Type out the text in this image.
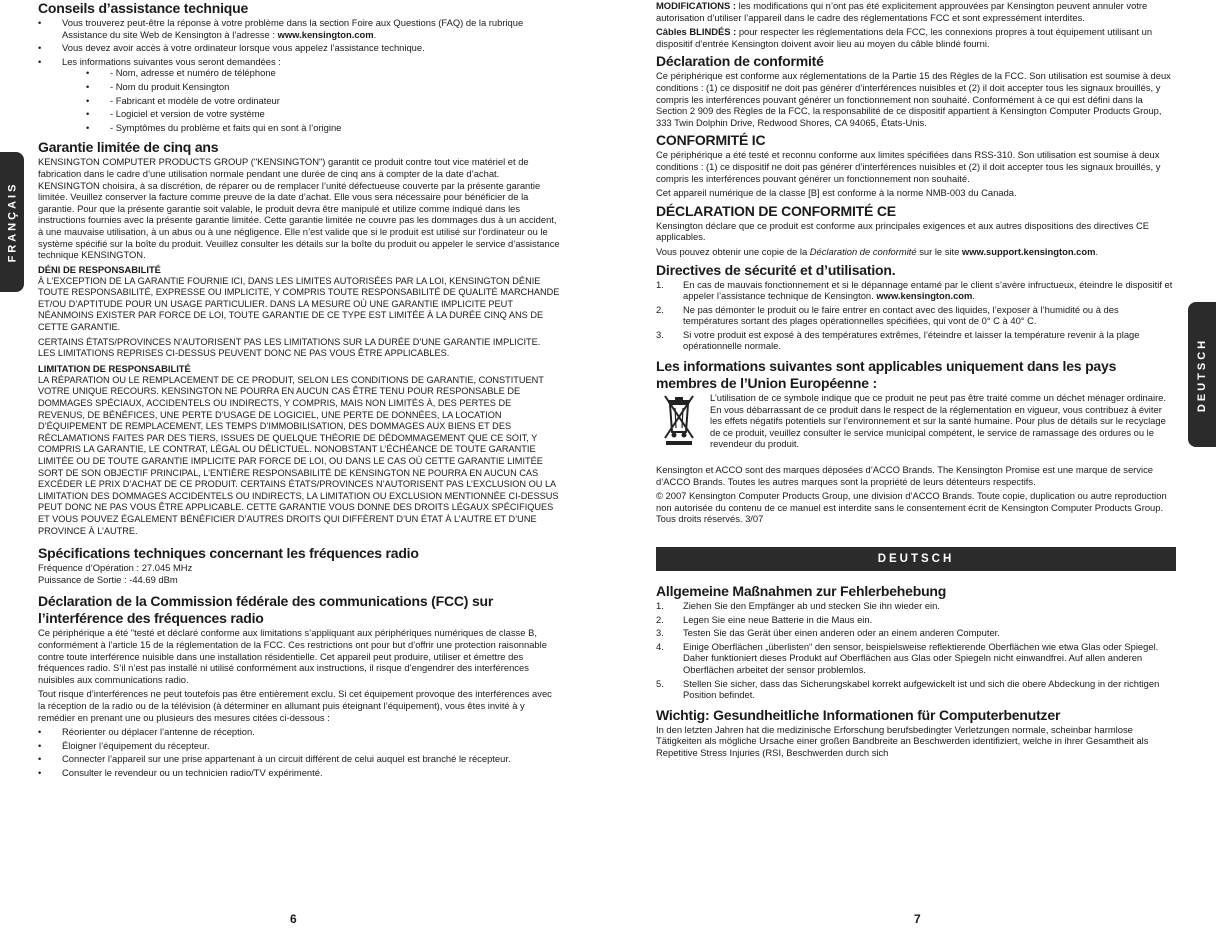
FRANÇAIS
DEUTSCH
Conseils d’assistance technique
• Vous trouverez peut-être la réponse à votre problème dans la section Foire aux Questions (FAQ) de la rubrique Assistance du site Web de Kensington à l’adresse : www.kensington.com.
• Vous devez avoir accès à votre ordinateur lorsque vous appelez l’assistance technique.
• Les informations suivantes vous seront demandées :
• - Nom, adresse et numéro de téléphone
• - Nom du produit Kensington
• - Fabricant et modèle de votre ordinateur
• - Logiciel et version de votre système
• - Symptômes du problème et faits qui en sont à l’origine
Garantie limitée de cinq ans

KENSINGTON COMPUTER PRODUCTS GROUP ("KENSINGTON") garantit ce produit contre tout vice matériel et de fabrication dans le cadre d’une utilisation normale pendant une durée de cinq ans à compter de la date d’achat. KENSINGTON choisira, à sa discrétion, de réparer ou de remplacer l’unité défectueuse couverte par la présente garantie limitée. Veuillez conserver la facture comme preuve de la date d’achat. Elle vous sera nécessaire pour bénéficier de la garantie. Pour que la présente garantie soit valable, le produit devra être manipulé et utilize comme indiqué dans les instructions fournies avec la présente garantie limitée. Cette garantie limitée ne couvre pas les dommages dus à un accident, à une mauvaise utilisation, à un abus ou à une négligence. Elle n’est valide que si le produit est utilisé sur l’ordinateur ou le système spécifié sur la boîte du produit. Veuillez consulter les détails sur la boîte du produit ou appeler le service d’assistance technique KENSINGTON.

DÉNI DE RESPONSABILITÉ

À L’EXCEPTION DE LA GARANTIE FOURNIE ICI, DANS LES LIMITES AUTORISÉES PAR LA LOI, KENSINGTON DÉNIE TOUTE RESPONSABILITÉ, EXPRESSE OU IMPLICITE, Y COMPRIS TOUTE RESPONSABILITÉ DE QUALITÉ MARCHANDE ET/OU D’APTITUDE POUR UN USAGE PARTICULIER. DANS LA MESURE OÙ UNE GARANTIE IMPLICITE PEUT NÉANMOINS EXISTER PAR FORCE DE LOI, TOUTE GARANTIE DE CE TYPE EST LIMITÉE À LA DURÉE CINQ ANS DE CETTE GARANTIE.

CERTAINS ÉTATS/PROVINCES N’AUTORISENT PAS LES LIMITATIONS SUR LA DURÉE D’UNE GARANTIE IMPLICITE. LES LIMITATIONS REPRISES CI-DESSUS PEUVENT DONC NE PAS VOUS ÊTRE APPLICABLES.

LIMITATION DE RESPONSABILITÉ

LA RÉPARATION OU LE REMPLACEMENT DE CE PRODUIT, SELON LES CONDITIONS DE GARANTIE, CONSTITUENT VOTRE UNIQUE RECOURS. KENSINGTON NE POURRA EN AUCUN CAS ÊTRE TENU POUR RESPONSABLE DE DOMMAGES SPÉCIAUX, ACCIDENTELS OU INDIRECTS, Y COMPRIS, MAIS NON LIMITÉS À, DES PERTES DE REVENUS, DE BÉNÉFICES, UNE PERTE D’USAGE DE LOGICIEL, UNE PERTE DE DONNÉES, LA LOCATION D’ÉQUIPEMENT DE REMPLACEMENT, LES TEMPS D’IMMOBILISATION, DES DOMMAGES AUX BIENS ET DES RÉCLAMATIONS FAITES PAR DES TIERS, ISSUES DE QUELQUE THÉORIE DE DÉDOMMAGEMENT QUE CE SOIT, Y COMPRIS LA GARANTIE, LE CONTRAT, LÉGAL OU DÉLICTUEL. NONOBSTANT L’ÉCHÉANCE DE TOUTE GARANTIE LIMITÉE OU DE TOUTE GARANTIE IMPLICITE PAR FORCE DE LOI, OU DANS LE CAS OÙ CETTE GARANTIE LIMITÉE SORT DE SON OBJECTIF PRINCIPAL, L’ENTIÈRE RESPONSABILITÉ DE KENSINGTON NE POURRA EN AUCUN CAS EXCÉDER LE PRIX D’ACHAT DE CE PRODUIT. CERTAINS ÉTATS/PROVINCES N’AUTORISENT PAS L’EXCLUSION OU LA LIMITATION DES DOMMAGES ACCIDENTELS OU INDIRECTS, LA LIMITATION OU EXCLUSION MENTIONNÉE CI-DESSUS PEUT DONC NE PAS VOUS ÊTRE APPLICABLE. CETTE GARANTIE VOUS DONNE DES DROITS LÉGAUX SPÉCIFIQUES ET VOUS POUVEZ ÉGALEMENT BÉNÉFICIER D’AUTRES DROITS QUI DIFFÈRENT D’UN ÉTAT À L’AUTRE ET D’UNE PROVINCE À L’AUTRE.

Spécifications techniques concernant les fréquences radio

Fréquence d’Opération : 27.045 MHz

Puissance de Sortie : -44.69 dBm

Déclaration de la Commission fédérale des communications (FCC) sur l’interférence des fréquences radio

Ce périphérique a été "testé et déclaré conforme aux limitations s’appliquant aux périphériques numériques de classe B, conformément à l’article 15 de la réglementation de la FCC. Ces restrictions ont pour but d’offrir une protection raisonnable contre toute interférence nuisible dans une installation résidentielle. Cet appareil peut produire, utiliser et émettre des fréquences radio. S’il n’est pas installé ni utilisé conformément aux instructions, il risque d’engendrer des interférences nuisibles aux communications radio.

Tout risque d’interférences ne peut toutefois pas être entièrement exclu. Si cet équipement provoque des interférences avec la réception de la radio ou de la télévision (à déterminer en allumant puis éteignant l’équipement), vous êtes invité à y remédier en prenant une ou plusieurs des mesures citées ci-dessous :

• Réorienter ou déplacer l’antenne de réception.
• Éloigner l’équipement du récepteur.
• Connecter l’appareil sur une prise appartenant à un circuit différent de celui auquel est branché le récepteur.
• Consulter le revendeur ou un technicien radio/TV expérimenté.
6

MODIFICATIONS : les modifications qui n’ont pas été explicitement approuvées par Kensington peuvent annuler votre autorisation d’utiliser l’appareil dans le cadre des réglementations FCC et sont expressément interdites.

Câbles BLINDÉS : pour respecter les réglementations dela FCC, les connexions propres à tout équipement utilisant un dispositif d’entrée Kensington doivent avoir lieu au moyen du câble blindé fourni.

Déclaration de conformité

Ce périphérique est conforme aux réglementations de la Partie 15 des Règles de la FCC. Son utilisation est soumise à deux conditions : (1) ce dispositif ne doit pas générer d’interférences nuisibles et (2) il doit accepter tous les signaux brouillés, y compris les interférences pouvant générer un fonctionnement non souhaité. Conformément à ce qui est défini dans la Section 2 909 des Règles de la FCC, la responsabilité de ce dispositif appartient à Kensington Computer Products Group, 333 Twin Dolphin Drive, Redwood Shores, CA 94065, États-Unis.

CONFORMITÉ IC

Ce périphérique a été testé et reconnu conforme aux limites spécifiées dans RSS-310. Son utilisation est soumise à deux conditions : (1) ce dispositif ne doit pas générer d’interférences nuisibles et (2) il doit accepter tous les signaux brouillés, y compris les interférences pouvant générer un fonctionnement non souhaité.

Cet appareil numérique de la classe [B] est conforme à la norme NMB-003 du Canada.

DÉCLARATION DE CONFORMITÉ CE

Kensington déclare que ce produit est conforme aux principales exigences et aux autres dispositions des directives CE applicables.

Vous pouvez obtenir une copie de la Déclaration de conformité sur le site www.support.kensington.com.

Directives de sécurité et d’utilisation.
1. En cas de mauvais fonctionnement et si le dépannage entamé par le client s’avère infructueux, éteindre le dispositif et appeler l’assistance technique de Kensington. www.kensington.com.
2. Ne pas démonter le produit ou le faire entrer en contact avec des liquides, l’exposer à l’humidité ou à des températures sortant des plages opérationnelles spécifiées, qui vont de 0° C à 40° C.
3. Si votre produit est exposé à des températures extrêmes, l’éteindre et laisser la température revenir à la plage opérationnelle normale.
Les informations suivantes sont applicables uniquement dans les pays membres de l’Union Européenne :

L’utilisation de ce symbole indique que ce produit ne peut pas être traité comme un déchet ménager ordinaire. En vous débarrassant de ce produit dans le respect de la réglementation en vigueur, vous contribuez à éviter les effets négatifs potentiels sur l’environnement et sur la santé humaine. Pour plus de détails sur le recyclage de ce produit, veuillez consulter le service municipal compétent, le service de ramassage des ordures ou le revendeur du produit.

Kensington et ACCO sont des marques déposées d’ACCO Brands. The Kensington Promise est une marque de service d’ACCO Brands. Toutes les autres marques sont la propriété de leurs détenteurs respectifs.

© 2007 Kensington Computer Products Group, une division d’ACCO Brands. Toute copie, duplication ou autre reproduction non autorisée du contenu de ce manuel est interdite sans le consentement écrit de Kensington Computer Products Group. Tous droits réservés. 3/07

DEUTSCH
Allgemeine Maßnahmen zur Fehlerbehebung
1. Ziehen Sie den Empfänger ab und stecken Sie ihn wieder ein.
2. Legen Sie eine neue Batterie in die Maus ein.
3. Testen Sie das Gerät über einen anderen oder an einem anderen Computer.
4. Einige Oberflächen „überlisten“ den sensor, beispielsweise reflektierende Oberflächen wie etwa Glas oder Spiegel. Daher funktioniert dieses Produkt auf Oberflächen aus Glas oder Spiegeln nicht einwandfrei. Auf allen anderen Oberflächen arbeitet der sensor problemlos.
5. Stellen Sie sicher, dass das Sicherungskabel korrekt aufgewickelt ist und sich die obere Abdeckung in der richtigen Position befindet.
Wichtig: Gesundheitliche Informationen für Computerbenutzer

In den letzten Jahren hat die medizinische Erforschung berufsbedingter Verletzungen normale, scheinbar harmlose Tätigkeiten als mögliche Ursache einer großen Bandbreite an Beschwerden identifiziert, welche in ihrer Gesamtheit als Repetitive Stress Injuries (RSI, Beschwerden durch sich

7
